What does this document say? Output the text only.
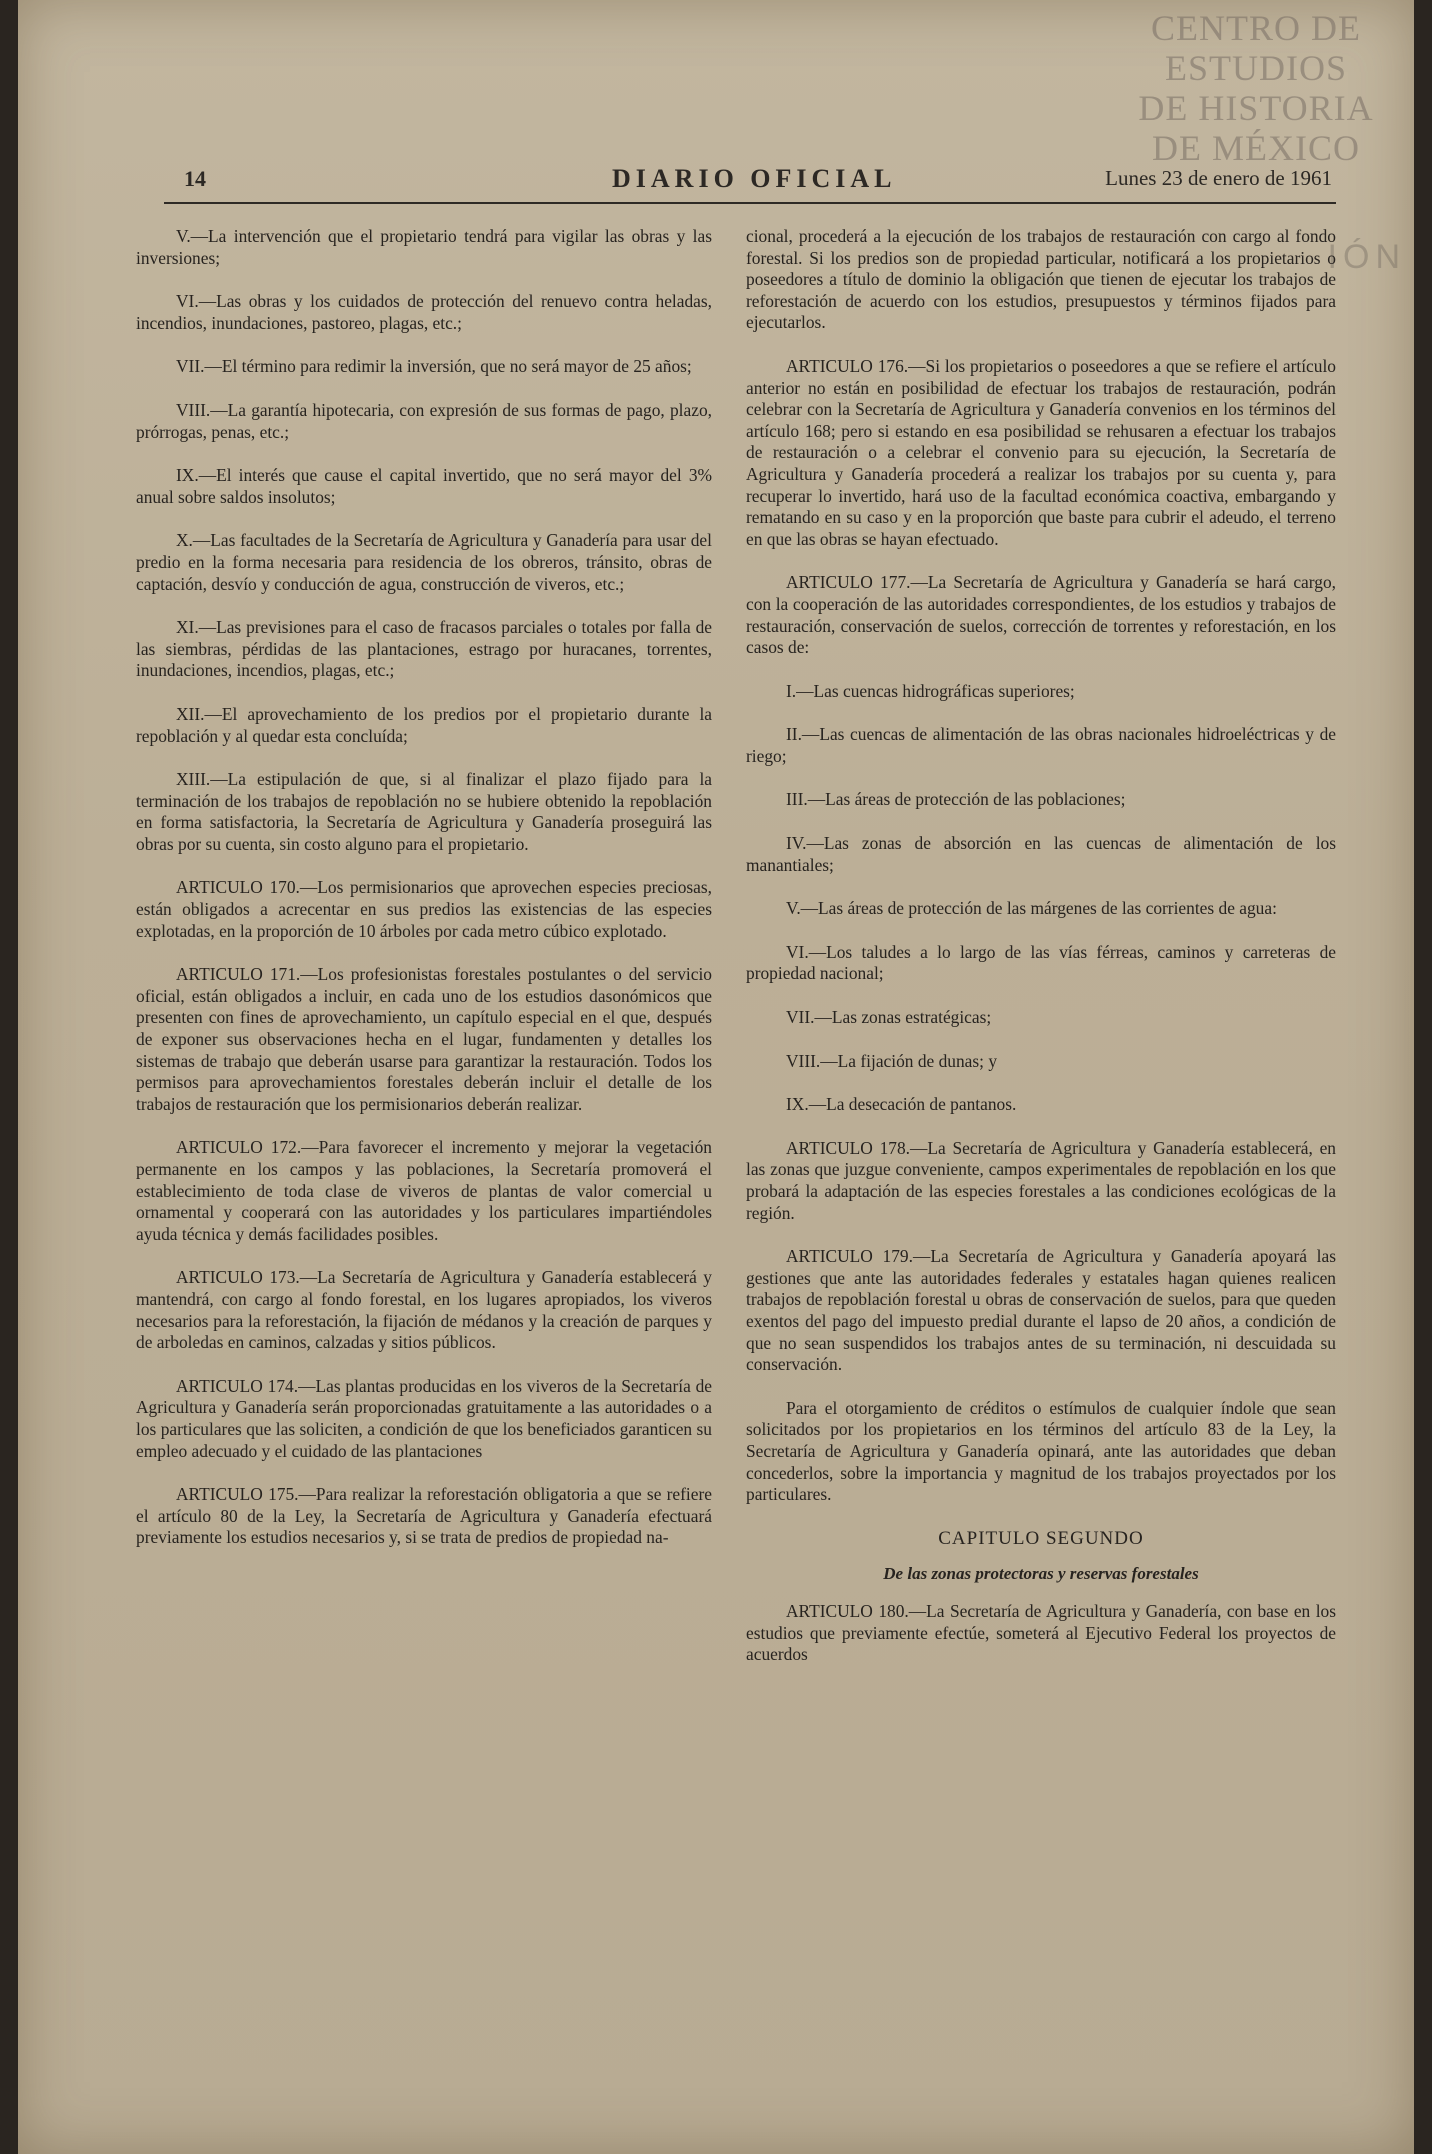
CENTRO DE
ESTUDIOS
DE HISTORIA
DE MÉXICO
IÓN
14	DIARIO OFICIAL	Lunes 23 de enero de 1961

V.—La intervención que el propietario tendrá para vigilar las obras y las inversiones;

VI.—Las obras y los cuidados de protección del renuevo contra heladas, incendios, inundaciones, pastoreo, plagas, etc.;

VII.—El término para redimir la inversión, que no será mayor de 25 años;

VIII.—La garantía hipotecaria, con expresión de sus formas de pago, plazo, prórrogas, penas, etc.;

IX.—El interés que cause el capital invertido, que no será mayor del 3% anual sobre saldos insolutos;

X.—Las facultades de la Secretaría de Agricultura y Ganadería para usar del predio en la forma necesaria para residencia de los obreros, tránsito, obras de captación, desvío y conducción de agua, construcción de viveros, etc.;

XI.—Las previsiones para el caso de fracasos parciales o totales por falla de las siembras, pérdidas de las plantaciones, estrago por huracanes, torrentes, inundaciones, incendios, plagas, etc.;

XII.—El aprovechamiento de los predios por el propietario durante la repoblación y al quedar esta concluída;

XIII.—La estipulación de que, si al finalizar el plazo fijado para la terminación de los trabajos de repoblación no se hubiere obtenido la repoblación en forma satisfactoria, la Secretaría de Agricultura y Ganadería proseguirá las obras por su cuenta, sin costo alguno para el propietario.

ARTICULO 170.—Los permisionarios que aprovechen especies preciosas, están obligados a acrecentar en sus predios las existencias de las especies explotadas, en la proporción de 10 árboles por cada metro cúbico explotado.

ARTICULO 171.—Los profesionistas forestales postulantes o del servicio oficial, están obligados a incluir, en cada uno de los estudios dasonómicos que presenten con fines de aprovechamiento, un capítulo especial en el que, después de exponer sus observaciones hecha en el lugar, fundamenten y detalles los sistemas de trabajo que deberán usarse para garantizar la restauración. Todos los permisos para aprovechamientos forestales deberán incluir el detalle de los trabajos de restauración que los permisionarios deberán realizar.

ARTICULO 172.—Para favorecer el incremento y mejorar la vegetación permanente en los campos y las poblaciones, la Secretaría promoverá el establecimiento de toda clase de viveros de plantas de valor comercial u ornamental y cooperará con las autoridades y los particulares impartiéndoles ayuda técnica y demás facilidades posibles.

ARTICULO 173.—La Secretaría de Agricultura y Ganadería establecerá y mantendrá, con cargo al fondo forestal, en los lugares apropiados, los viveros necesarios para la reforestación, la fijación de médanos y la creación de parques y de arboledas en caminos, calzadas y sitios públicos.

ARTICULO 174.—Las plantas producidas en los viveros de la Secretaría de Agricultura y Ganadería serán proporcionadas gratuitamente a las autoridades o a los particulares que las soliciten, a condición de que los beneficiados garanticen su empleo adecuado y el cuidado de las plantaciones

ARTICULO 175.—Para realizar la reforestación obligatoria a que se refiere el artículo 80 de la Ley, la Secretaría de Agricultura y Ganadería efectuará previamente los estudios necesarios y, si se trata de predios de propiedad na-

cional, procederá a la ejecución de los trabajos de restauración con cargo al fondo forestal. Si los predios son de propiedad particular, notificará a los propietarios o poseedores a título de dominio la obligación que tienen de ejecutar los trabajos de reforestación de acuerdo con los estudios, presupuestos y términos fijados para ejecutarlos.

ARTICULO 176.—Si los propietarios o poseedores a que se refiere el artículo anterior no están en posibilidad de efectuar los trabajos de restauración, podrán celebrar con la Secretaría de Agricultura y Ganadería convenios en los términos del artículo 168; pero si estando en esa posibilidad se rehusaren a efectuar los trabajos de restauración o a celebrar el convenio para su ejecución, la Secretaría de Agricultura y Ganadería procederá a realizar los trabajos por su cuenta y, para recuperar lo invertido, hará uso de la facultad económica coactiva, embargando y rematando en su caso y en la proporción que baste para cubrir el adeudo, el terreno en que las obras se hayan efectuado.

ARTICULO 177.—La Secretaría de Agricultura y Ganadería se hará cargo, con la cooperación de las autoridades correspondientes, de los estudios y trabajos de restauración, conservación de suelos, corrección de torrentes y reforestación, en los casos de:

I.—Las cuencas hidrográficas superiores;

II.—Las cuencas de alimentación de las obras nacionales hidroeléctricas y de riego;

III.—Las áreas de protección de las poblaciones;

IV.—Las zonas de absorción en las cuencas de alimentación de los manantiales;

V.—Las áreas de protección de las márgenes de las corrientes de agua:

VI.—Los taludes a lo largo de las vías férreas, caminos y carreteras de propiedad nacional;

VII.—Las zonas estratégicas;

VIII.—La fijación de dunas; y

IX.—La desecación de pantanos.

ARTICULO 178.—La Secretaría de Agricultura y Ganadería establecerá, en las zonas que juzgue conveniente, campos experimentales de repoblación en los que probará la adaptación de las especies forestales a las condiciones ecológicas de la región.

ARTICULO 179.—La Secretaría de Agricultura y Ganadería apoyará las gestiones que ante las autoridades federales y estatales hagan quienes realicen trabajos de repoblación forestal u obras de conservación de suelos, para que queden exentos del pago del impuesto predial durante el lapso de 20 años, a condición de que no sean suspendidos los trabajos antes de su terminación, ni descuidada su conservación.

Para el otorgamiento de créditos o estímulos de cualquier índole que sean solicitados por los propietarios en los términos del artículo 83 de la Ley, la Secretaría de Agricultura y Ganadería opinará, ante las autoridades que deban concederlos, sobre la importancia y magnitud de los trabajos proyectados por los particulares.

CAPITULO SEGUNDO
De las zonas protectoras y reservas forestales

ARTICULO 180.—La Secretaría de Agricultura y Ganadería, con base en los estudios que previamente efectúe, someterá al Ejecutivo Federal los proyectos de acuerdos
